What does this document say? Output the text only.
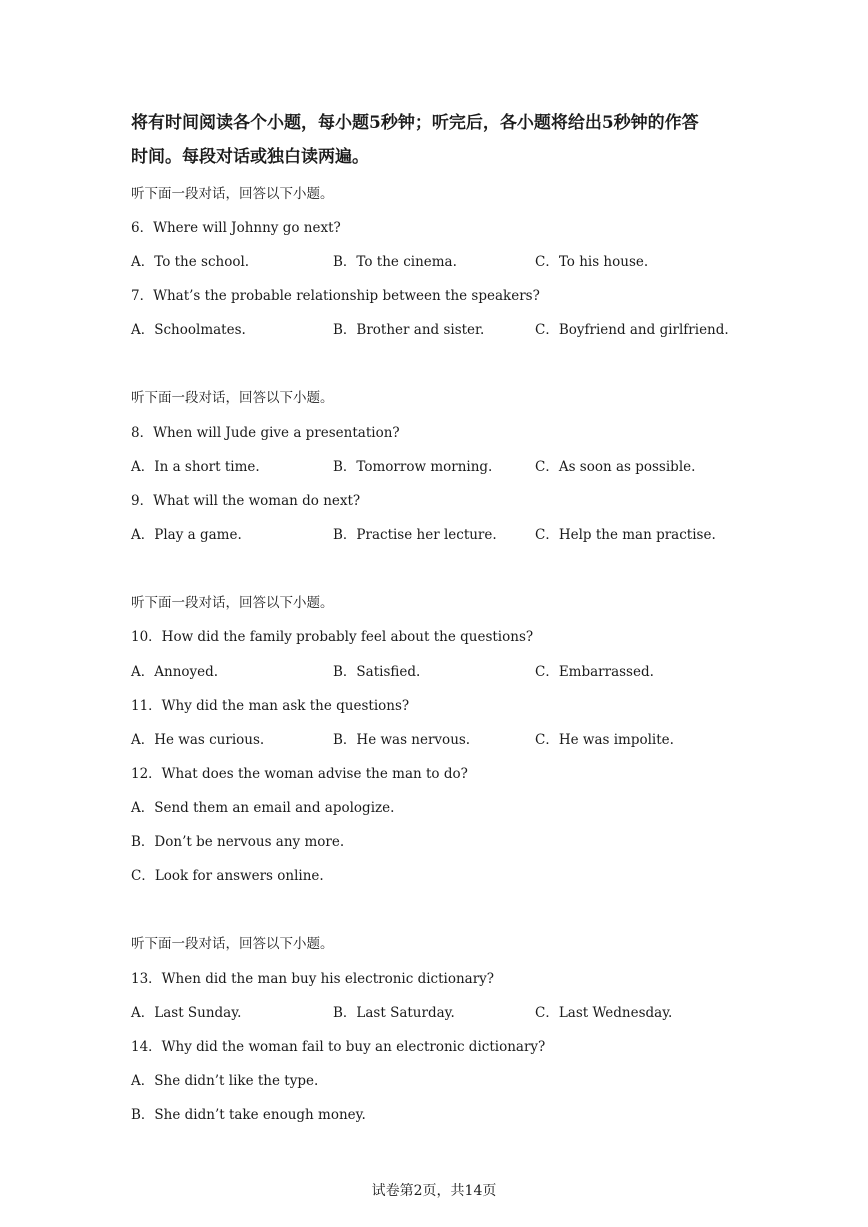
将有时间阅读各个小题，每小题5秒钟；听完后，各小题将给出5秒钟的作答
时间。每段对话或独白读两遍。
听下面一段对话，回答以下小题。
6．Where will Johnny go next?
A．To the school.	B．To the cinema.	C．To his house.
7．What’s the probable relationship between the speakers?
A．Schoolmates.	B．Brother and sister.	C．Boyfriend and girlfriend.
听下面一段对话，回答以下小题。
8．When will Jude give a presentation?
A．In a short time.	B．Tomorrow morning.	C．As soon as possible.
9．What will the woman do next?
A．Play a game.	B．Practise her lecture.	C．Help the man practise.
听下面一段对话，回答以下小题。
10．How did the family probably feel about the questions?
A．Annoyed.	B．Satisfied.	C．Embarrassed.
11．Why did the man ask the questions?
A．He was curious.	B．He was nervous.	C．He was impolite.
12．What does the woman advise the man to do?
A．Send them an email and apologize.
B．Don’t be nervous any more.
C．Look for answers online.
听下面一段对话，回答以下小题。
13．When did the man buy his electronic dictionary?
A．Last Sunday.	B．Last Saturday.	C．Last Wednesday.
14．Why did the woman fail to buy an electronic dictionary?
A．She didn’t like the type.
B．She didn’t take enough money.
试卷第2页，共14页
